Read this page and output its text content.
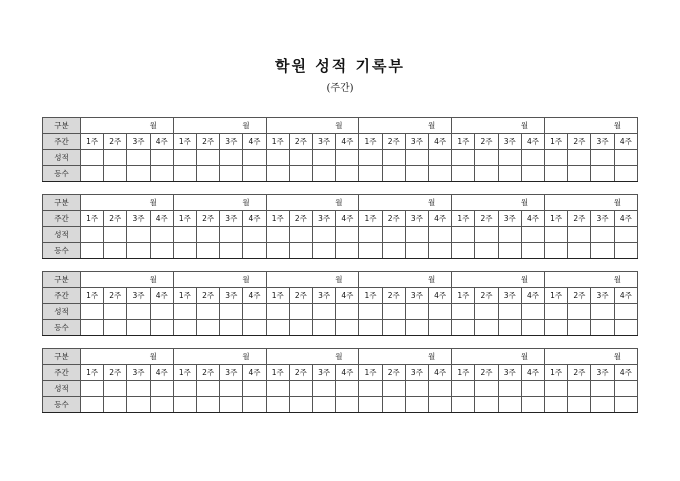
학원 성적 기록부
(주간)
구분	월				월				월				월				월				월			
주간	1주	2주	3주	4주	1주	2주	3주	4주	1주	2주	3주	4주	1주	2주	3주	4주	1주	2주	3주	4주	1주	2주	3주	4주
성적																								
등수																								
구분	월				월				월				월				월				월			
주간	1주	2주	3주	4주	1주	2주	3주	4주	1주	2주	3주	4주	1주	2주	3주	4주	1주	2주	3주	4주	1주	2주	3주	4주
성적																								
등수																								
구분	월				월				월				월				월				월			
주간	1주	2주	3주	4주	1주	2주	3주	4주	1주	2주	3주	4주	1주	2주	3주	4주	1주	2주	3주	4주	1주	2주	3주	4주
성적																								
등수																								
구분	월				월				월				월				월				월			
주간	1주	2주	3주	4주	1주	2주	3주	4주	1주	2주	3주	4주	1주	2주	3주	4주	1주	2주	3주	4주	1주	2주	3주	4주
성적																								
등수																								
